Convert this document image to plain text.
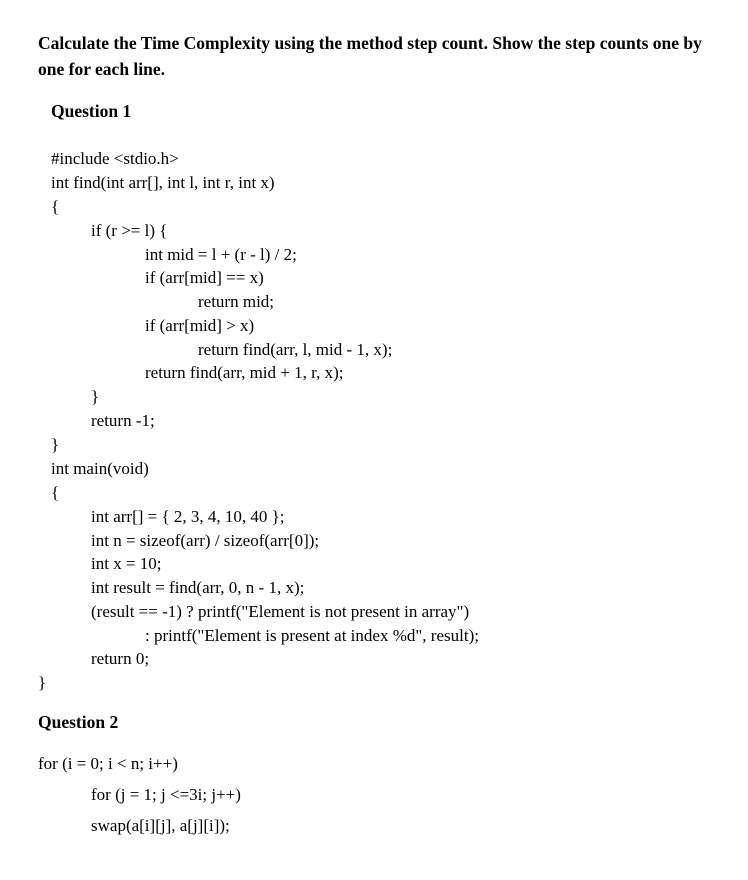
Calculate the Time Complexity using the method step count. Show the step counts one by one for each line.

Question 1
#include <stdio.h>
int find(int arr[], int l, int r, int x)
{
if (r >= l) {
int mid = l + (r - l) / 2;
if (arr[mid] == x)
return mid;
if (arr[mid] > x)
return find(arr, l, mid - 1, x);
return find(arr, mid + 1, r, x);
}
return -1;
}
int main(void)
{
int arr[] = { 2, 3, 4, 10, 40 };
int n = sizeof(arr) / sizeof(arr[0]);
int x = 10;
int result = find(arr, 0, n - 1, x);
(result == -1) ? printf("Element is not present in array")
: printf("Element is present at index %d", result);
return 0;
}
Question 2
for (i = 0; i < n; i++)
for (j = 1; j <=3i; j++)
swap(a[i][j], a[j][i]);
